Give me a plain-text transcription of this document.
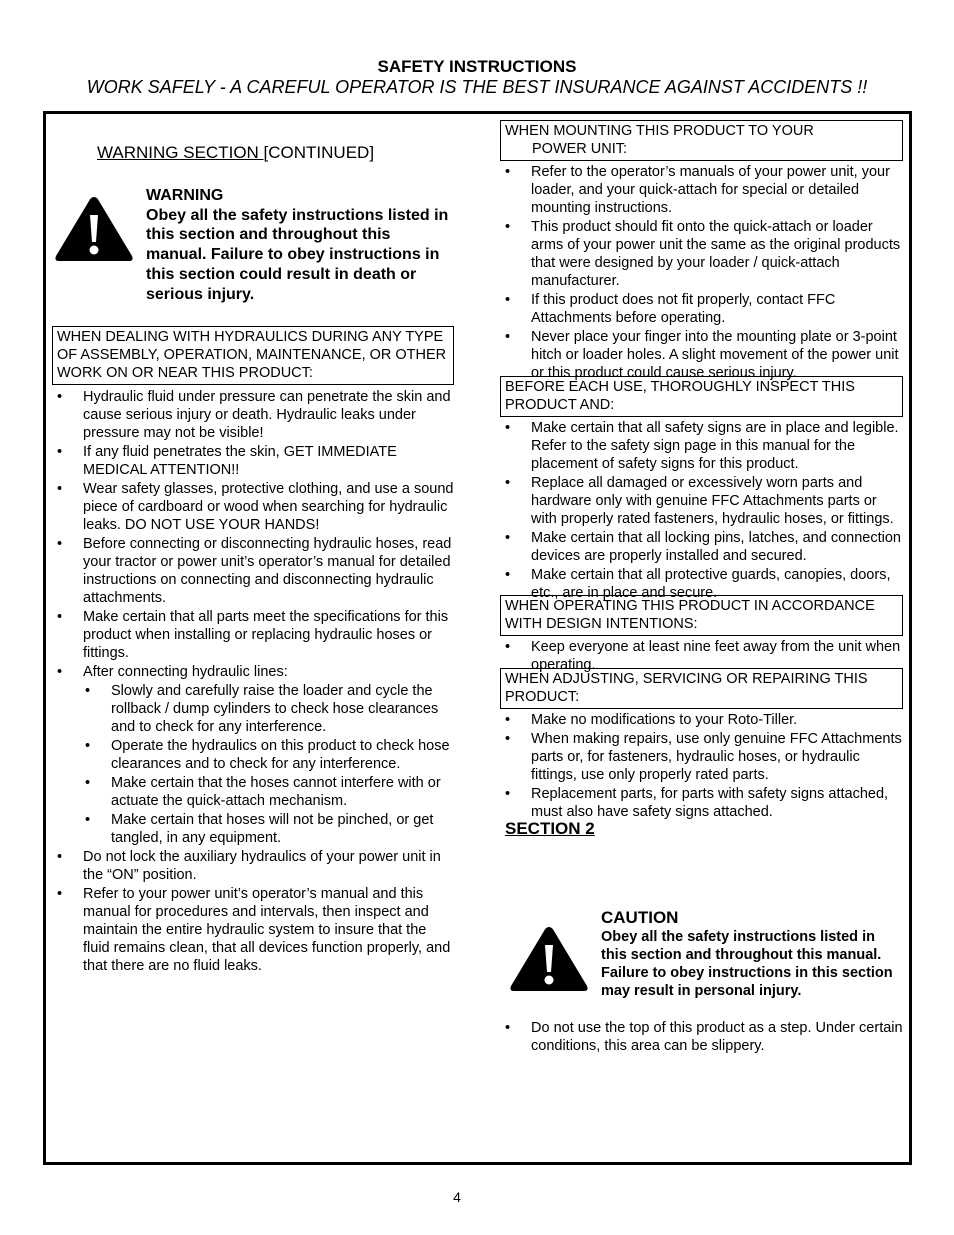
SAFETY INSTRUCTIONS
WORK SAFELY - A CAREFUL OPERATOR IS THE BEST INSURANCE AGAINST ACCIDENTS !!
WARNING SECTION [CONTINUED]
WARNING
Obey all the safety instructions listed in this section and throughout this manual. Failure to obey instructions in this section could result in death or serious injury.
WHEN DEALING WITH HYDRAULICS DURING ANY TYPE OF ASSEMBLY, OPERATION, MAINTENANCE, OR OTHER WORK ON OR NEAR THIS PRODUCT:
• Hydraulic fluid under pressure can penetrate the skin and cause serious injury or death. Hydraulic leaks under pressure may not be visible!
• If any fluid penetrates the skin, GET IMMEDIATE MEDICAL ATTENTION!!
• Wear safety glasses, protective clothing, and use a sound piece of cardboard or wood when searching for hydraulic leaks. DO NOT USE YOUR HANDS!
• Before connecting or disconnecting hydraulic hoses, read your tractor or power unit’s operator’s manual for detailed instructions on connecting and disconnecting hydraulic attachments.
• Make certain that all parts meet the specifications for this product when installing or replacing hydraulic hoses or fittings.
• After connecting hydraulic lines:
• Slowly and carefully raise the loader and cycle the rollback / dump cylinders to check hose clearances and to check for any interference.
• Operate the hydraulics on this product to check hose clearances and to check for any interference.
• Make certain that the hoses cannot interfere with or actuate the quick-attach mechanism.
• Make certain that hoses will not be pinched, or get tangled, in any equipment.
• Do not lock the auxiliary hydraulics of your power unit in the “ON” position.
• Refer to your power unit’s operator’s manual and this manual for procedures and intervals, then inspect and maintain the entire hydraulic system to insure that the fluid remains clean, that all devices function properly, and that there are no fluid leaks.
WHEN MOUNTING THIS PRODUCT TO YOUR
POWER UNIT:
• Refer to the operator’s manuals of your power unit, your loader, and your quick-attach for special or detailed mounting instructions.
• This product should fit onto the quick-attach or loader arms of your power unit the same as the original products that were designed by your loader / quick-attach manufacturer.
• If this product does not fit properly, contact FFC Attachments before operating.
• Never place your finger into the mounting plate or 3-point hitch or loader holes. A slight movement of the power unit or this product could cause serious injury.
BEFORE EACH USE, THOROUGHLY INSPECT THIS PRODUCT AND:
• Make certain that all safety signs are in place and legible. Refer to the safety sign page in this manual for the placement of safety signs for this product.
• Replace all damaged or excessively worn parts and hardware only with genuine FFC Attachments parts or with properly rated fasteners, hydraulic hoses, or fittings.
• Make certain that all locking pins, latches, and connection devices are properly installed and secured.
• Make certain that all protective guards, canopies, doors, etc., are in place and secure.
WHEN OPERATING THIS PRODUCT IN ACCORDANCE WITH DESIGN INTENTIONS:
• Keep everyone at least nine feet away from the unit when operating.
WHEN ADJUSTING, SERVICING OR REPAIRING THIS PRODUCT:
• Make no modifications to your Roto-Tiller.
• When making repairs, use only genuine FFC Attachments parts or, for fasteners, hydraulic hoses, or hydraulic fittings, use only properly rated parts.
• Replacement parts, for parts with safety signs attached, must also have safety signs attached.
SECTION 2
CAUTION
Obey all the safety instructions listed in this section and throughout this manual. Failure to obey instructions in this section may result in personal injury.
• Do not use the top of this product as a step. Under certain conditions, this area can be slippery.
4
